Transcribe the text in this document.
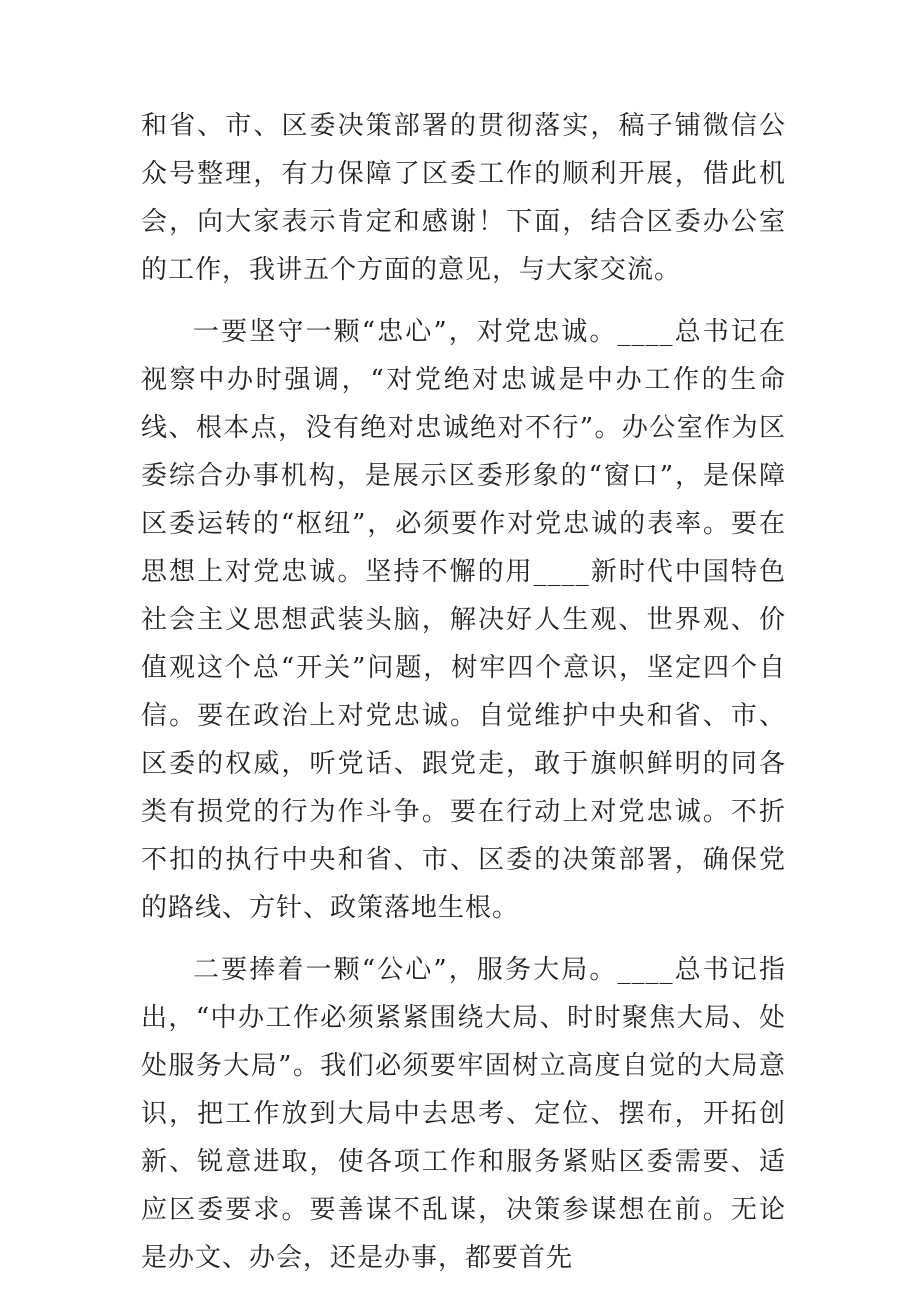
和省、市、区委决策部署的贯彻落实，稿子铺微信公众号整理，有力保障了区委工作的顺利开展，借此机会，向大家表示肯定和感谢！下面，结合区委办公室的工作，我讲五个方面的意见，与大家交流。

一要坚守一颗“忠心”，对党忠诚。____总书记在视察中办时强调，“对党绝对忠诚是中办工作的生命线、根本点，没有绝对忠诚绝对不行”。办公室作为区委综合办事机构，是展示区委形象的“窗口”，是保障区委运转的“枢纽”，必须要作对党忠诚的表率。要在思想上对党忠诚。坚持不懈的用____新时代中国特色社会主义思想武装头脑，解决好人生观、世界观、价值观这个总“开关”问题，树牢四个意识，坚定四个自信。要在政治上对党忠诚。自觉维护中央和省、市、区委的权威，听党话、跟党走，敢于旗帜鲜明的同各类有损党的行为作斗争。要在行动上对党忠诚。不折不扣的执行中央和省、市、区委的决策部署，确保党的路线、方针、政策落地生根。

二要捧着一颗“公心”，服务大局。____总书记指出，“中办工作必须紧紧围绕大局、时时聚焦大局、处处服务大局”。我们必须要牢固树立高度自觉的大局意识，把工作放到大局中去思考、定位、摆布，开拓创新、锐意进取，使各项工作和服务紧贴区委需要、适应区委要求。要善谋不乱谋，决策参谋想在前。无论是办文、办会，还是办事，都要首先
